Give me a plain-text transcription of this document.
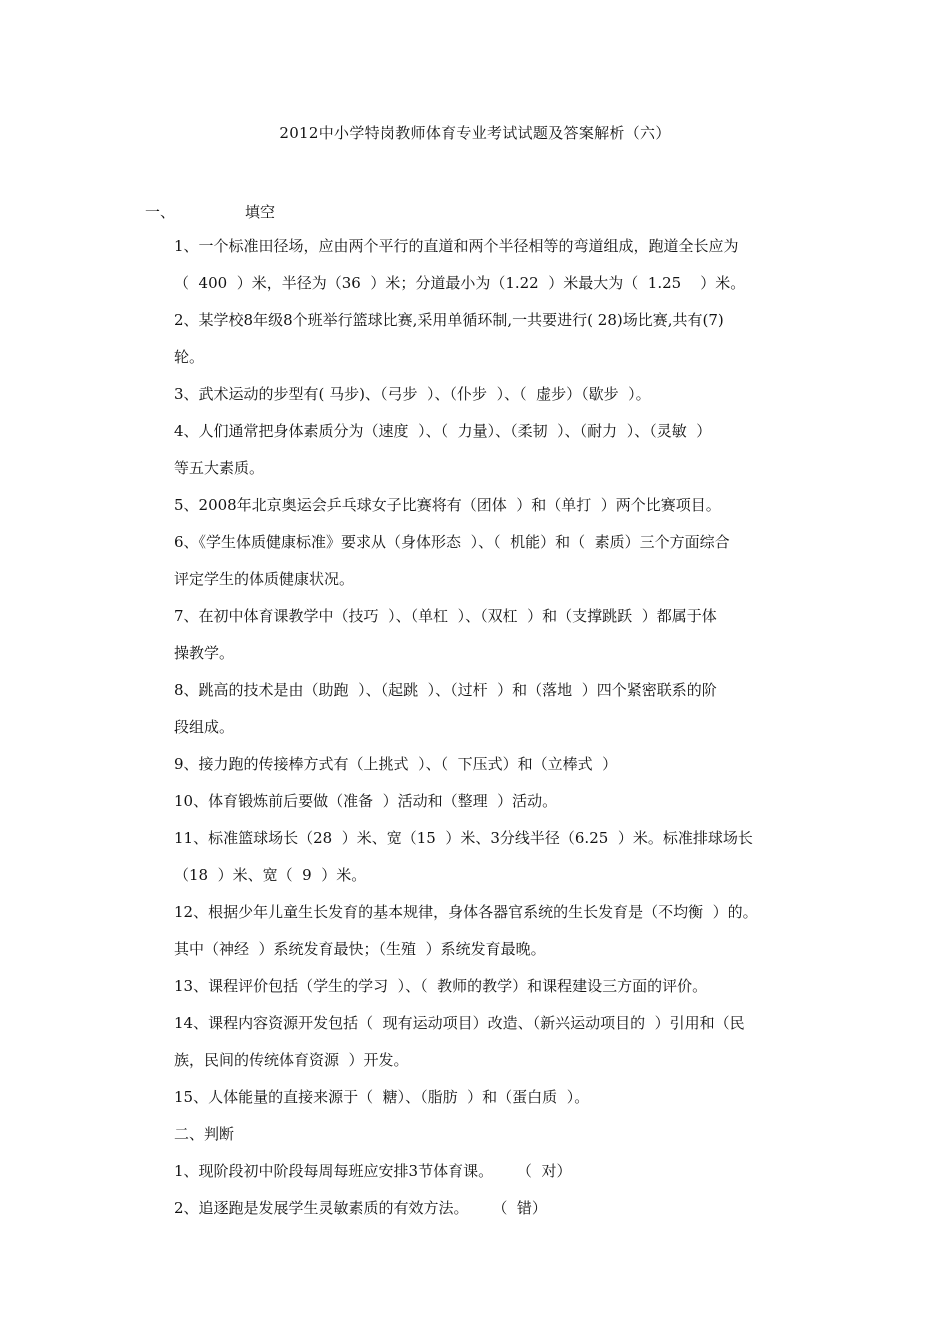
2012中小学特岗教师体育专业考试试题及答案解析（六）
一、	填空
1、一个标准田径场，应由两个平行的直道和两个半径相等的弯道组成，跑道全长应为
（  400  ）米，半径为（36  ）米；分道最小为（1.22  ）米最大为（  1.25    ）米。
2、某学校8年级8个班举行篮球比赛,采用单循环制,一共要进行( 28)场比赛,共有(7)
轮。
3、武术运动的步型有( 马步)、（弓步  ）、（仆步  ）、（  虚步）（歇步  ）。
4、人们通常把身体素质分为（速度  ）、（  力量）、（柔韧  ）、（耐力  ）、（灵敏  ）
等五大素质。
5、2008年北京奥运会乒乓球女子比赛将有（团体  ）和（单打  ）两个比赛项目。
6、《学生体质健康标准》要求从（身体形态  ）、（  机能）和（  素质）三个方面综合
评定学生的体质健康状况。
7、在初中体育课教学中（技巧  ）、（单杠  ）、（双杠  ）和（支撑跳跃  ）都属于体
操教学。
8、跳高的技术是由（助跑  ）、（起跳  ）、（过杆  ）和（落地  ）四个紧密联系的阶
段组成。
9、接力跑的传接棒方式有（上挑式  ）、（  下压式）和（立棒式  ）
10、体育锻炼前后要做（准备  ）活动和（整理  ）活动。
11、标准篮球场长（28  ）米、宽（15  ）米、3分线半径（6.25  ）米。标准排球场长
（18  ）米、宽（  9  ）米。
12、根据少年儿童生长发育的基本规律，身体各器官系统的生长发育是（不均衡  ）的。
其中（神经  ）系统发育最快；（生殖  ）系统发育最晚。
13、课程评价包括（学生的学习  ）、（  教师的教学）和课程建设三方面的评价。
14、课程内容资源开发包括（  现有运动项目）改造、（新兴运动项目的  ）引用和（民
族，民间的传统体育资源  ）开发。
15、人体能量的直接来源于（  糖）、（脂肪  ）和（蛋白质  ）。
二、判断
1、现阶段初中阶段每周每班应安排3节体育课。     （  对）
2、追逐跑是发展学生灵敏素质的有效方法。     （  错）
